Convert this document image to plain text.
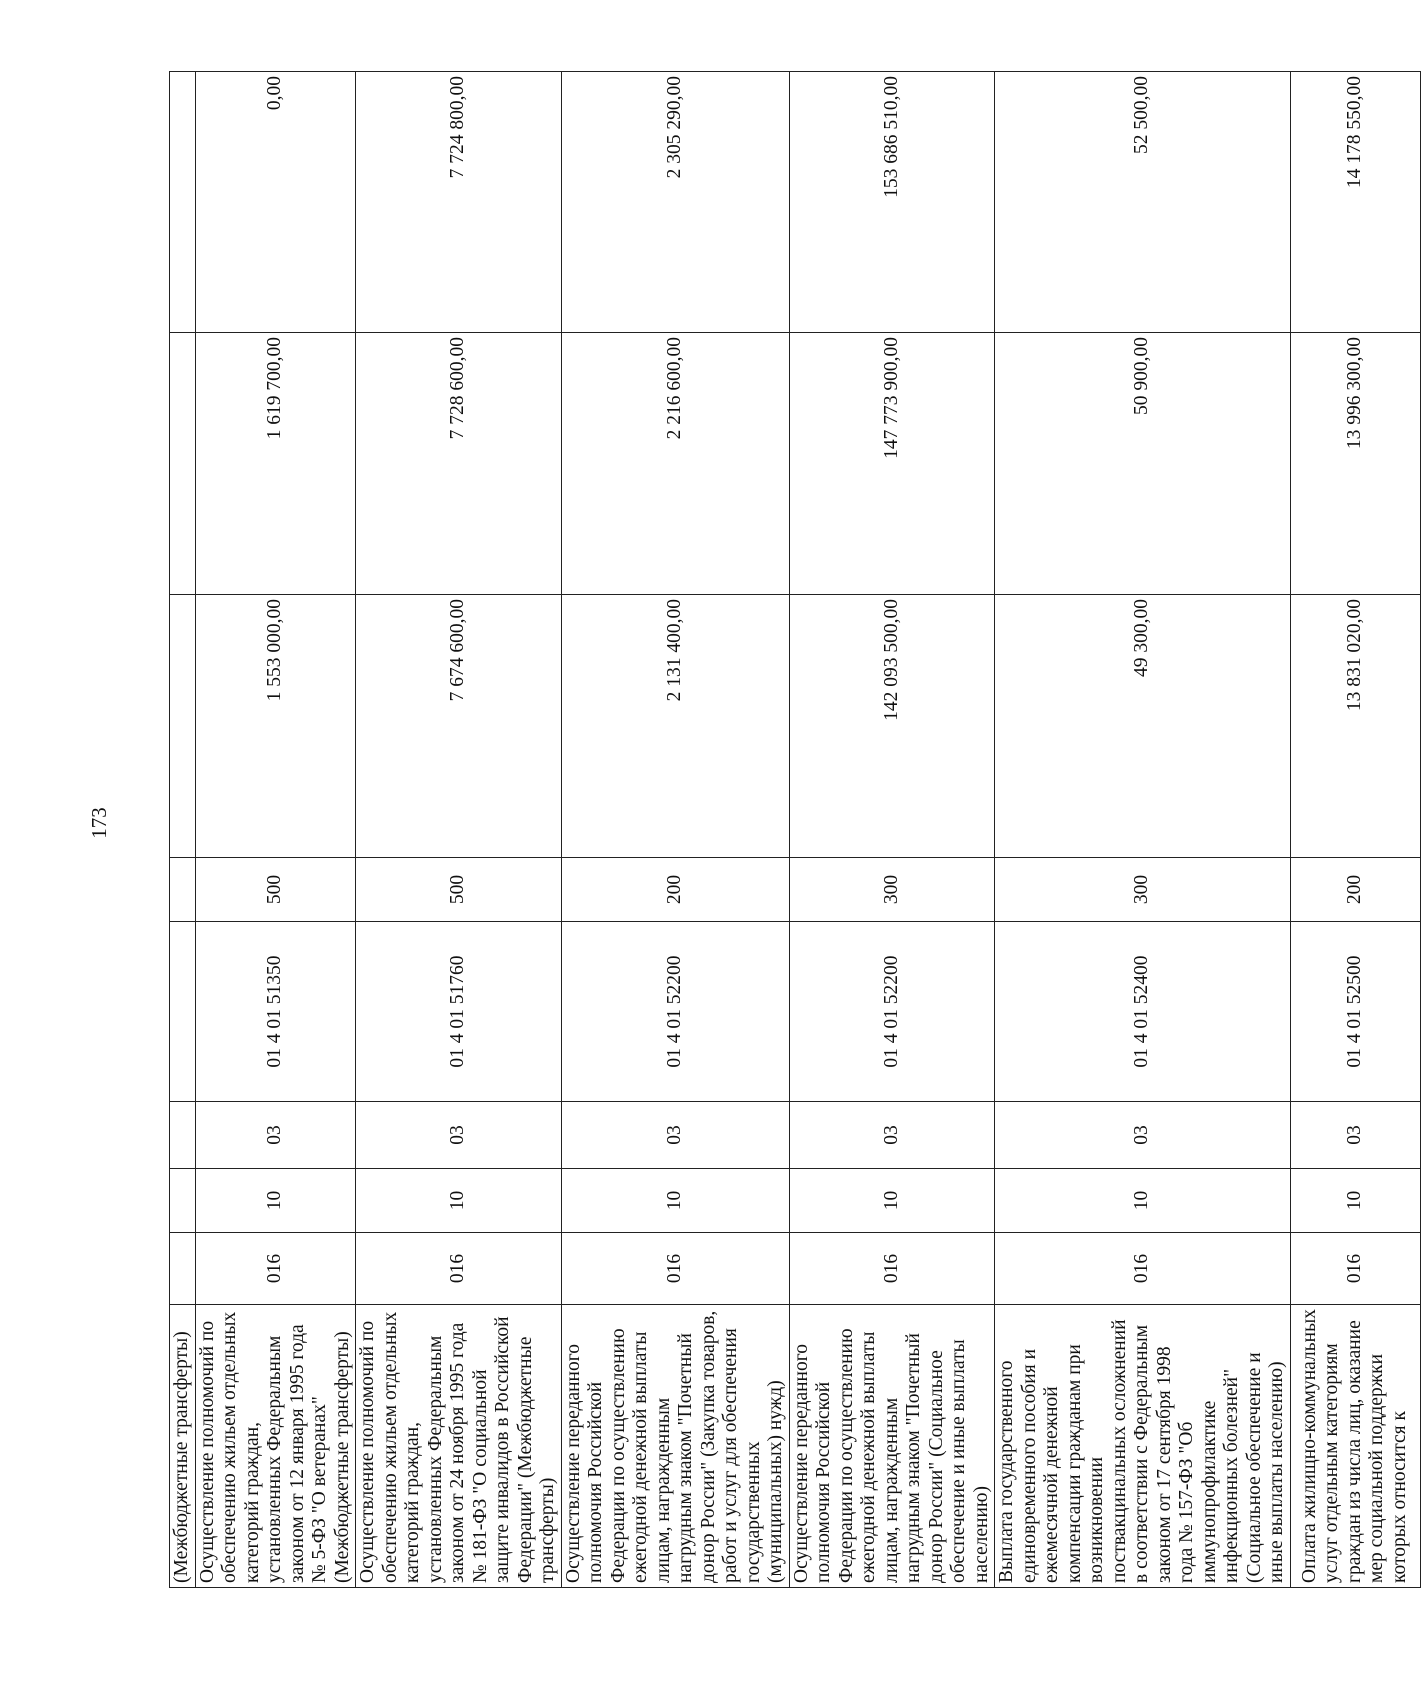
173
(Межбюджетные трансферты)								
Осуществление полномочий по обеспечению жильем отдельных категорий граждан, установленных Федеральным законом от 12 января 1995 года № 5-ФЗ "О ветеранах" (Межбюджетные трансферты)	016	10	03	01 4 01 51350	500	1 553 000,00	1 619 700,00	0,00
Осуществление полномочий по обеспечению жильем отдельных категорий граждан, установленных Федеральным законом от 24 ноября 1995 года № 181-ФЗ "О социальной защите инвалидов в Российской Федерации" (Межбюджетные трансферты)	016	10	03	01 4 01 51760	500	7 674 600,00	7 728 600,00	7 724 800,00
Осуществление переданного полномочия Российской Федерации по осуществлению ежегодной денежной выплаты лицам, награжденным нагрудным знаком "Почетный донор России" (Закупка товаров, работ и услуг для обеспечения государственных (муниципальных) нужд)	016	10	03	01 4 01 52200	200	2 131 400,00	2 216 600,00	2 305 290,00
Осуществление переданного полномочия Российской Федерации по осуществлению ежегодной денежной выплаты лицам, награжденным нагрудным знаком "Почетный донор России" (Социальное обеспечение и иные выплаты населению)	016	10	03	01 4 01 52200	300	142 093 500,00	147 773 900,00	153 686 510,00
Выплата государственного единовременного пособия и ежемесячной денежной компенсации гражданам при возникновении поствакцинальных осложнений в соответствии с Федеральным законом от 17 сентября 1998 года № 157-ФЗ "Об иммунопрофилактике инфекционных болезней" (Социальное обеспечение и иные выплаты населению)	016	10	03	01 4 01 52400	300	49 300,00	50 900,00	52 500,00
Оплата жилищно-коммунальных услуг отдельным категориям граждан из числа лиц, оказание мер социальной поддержки которых относится к	016	10	03	01 4 01 52500	200	13 831 020,00	13 996 300,00	14 178 550,00
